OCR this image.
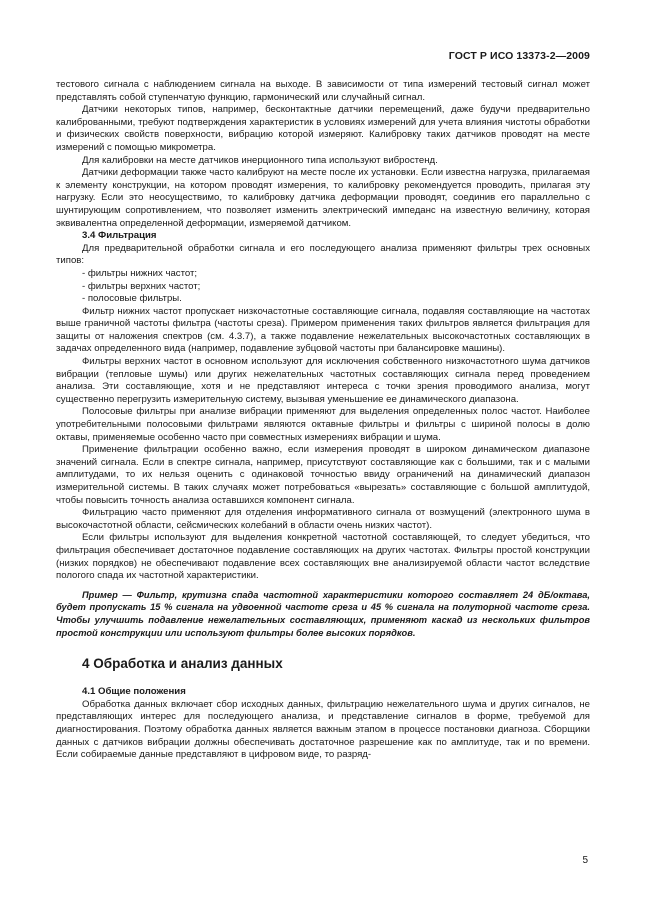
ГОСТ Р ИСО 13373-2—2009

тестового сигнала с наблюдением сигнала на выходе. В зависимости от типа измерений тестовый сигнал может представлять собой ступенчатую функцию, гармонический или случайный сигнал.

Датчики некоторых типов, например, бесконтактные датчики перемещений, даже будучи предварительно калиброванными, требуют подтверждения характеристик в условиях измерений для учета влияния чистоты обработки и физических свойств поверхности, вибрацию которой измеряют. Калибровку таких датчиков проводят на месте измерений с помощью микрометра.

Для калибровки на месте датчиков инерционного типа используют вибростенд.

Датчики деформации также часто калибруют на месте после их установки. Если известна нагрузка, прилагаемая к элементу конструкции, на котором проводят измерения, то калибровку рекомендуется проводить, прилагая эту нагрузку. Если это неосуществимо, то калибровку датчика деформации проводят, соединив его параллельно с шунтирующим сопротивлением, что позволяет изменить электрический импеданс на известную величину, которая эквивалентна определенной деформации, измеряемой датчиком.

3.4 Фильтрация

Для предварительной обработки сигнала и его последующего анализа применяют фильтры трех основных типов:

- фильтры нижних частот;

- фильтры верхних частот;

- полосовые фильтры.

Фильтр нижних частот пропускает низкочастотные составляющие сигнала, подавляя составляющие на частотах выше граничной частоты фильтра (частоты среза). Примером применения таких фильтров является фильтрация для защиты от наложения спектров (см. 4.3.7), а также подавление нежелательных высокочастотных составляющих в задачах определенного вида (например, подавление зубцовой частоты при балансировке машины).

Фильтры верхних частот в основном используют для исключения собственного низкочастотного шума датчиков вибрации (тепловые шумы) или других нежелательных частотных составляющих сигнала перед проведением анализа. Эти составляющие, хотя и не представляют интереса с точки зрения проводимого анализа, могут существенно перегрузить измерительную систему, вызывая уменьшение ее динамического диапазона.

Полосовые фильтры при анализе вибрации применяют для выделения определенных полос частот. Наиболее употребительными полосовыми фильтрами являются октавные фильтры и фильтры с шириной полосы в долю октавы, применяемые особенно часто при совместных измерениях вибрации и шума.

Применение фильтрации особенно важно, если измерения проводят в широком динамическом диапазоне значений сигнала. Если в спектре сигнала, например, присутствуют составляющие как с большими, так и с малыми амплитудами, то их нельзя оценить с одинаковой точностью ввиду ограничений на динамический диапазон измерительной системы. В таких случаях может потребоваться «вырезать» составляющие с большой амплитудой, чтобы повысить точность анализа оставшихся компонент сигнала.

Фильтрацию часто применяют для отделения информативного сигнала от возмущений (электронного шума в высокочастотной области, сейсмических колебаний в области очень низких частот).

Если фильтры используют для выделения конкретной частотной составляющей, то следует убедиться, что фильтрация обеспечивает достаточное подавление составляющих на других частотах. Фильтры простой конструкции (низких порядков) не обеспечивают подавление всех составляющих вне анализируемой области частот вследствие пологого спада их частотной характеристики.

Пример — Фильтр, крутизна спада частотной характеристики которого составляет 24 дБ/октава, будет пропускать 15 % сигнала на удвоенной частоте среза и 45 % сигнала на полуторной частоте среза. Чтобы улучшить подавление нежелательных составляющих, применяют каскад из нескольких фильтров простой конструкции или используют фильтры более высоких порядков.

4 Обработка и анализ данных

4.1 Общие положения

Обработка данных включает сбор исходных данных, фильтрацию нежелательного шума и других сигналов, не представляющих интерес для последующего анализа, и представление сигналов в форме, требуемой для диагностирования. Поэтому обработка данных является важным этапом в процессе постановки диагноза. Сборщики данных с датчиков вибрации должны обеспечивать достаточное разрешение как по амплитуде, так и по времени. Если собираемые данные представляют в цифровом виде, то разряд-

5
